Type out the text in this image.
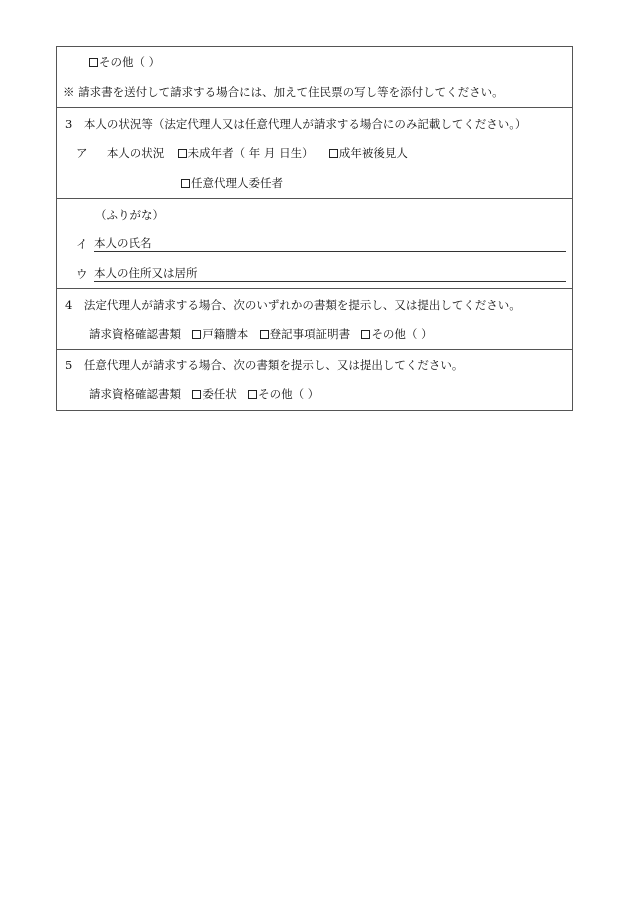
その他（ ）
※ 請求書を送付して請求する場合には、加えて住民票の写し等を添付してください。
3　本人の状況等（法定代理人又は任意代理人が請求する場合にのみ記載してください。）
ア 本人の状況 未成年者（ 年 月 日生） 成年被後見人
任意代理人委任者
（ふりがな）
イ 本人の氏名
ウ 本人の住所又は居所
4　法定代理人が請求する場合、次のいずれかの書類を提示し、又は提出してください。
請求資格確認書類 戸籍謄本 登記事項証明書 その他（ ）
5　任意代理人が請求する場合、次の書類を提示し、又は提出してください。
請求資格確認書類 委任状 その他（ ）
